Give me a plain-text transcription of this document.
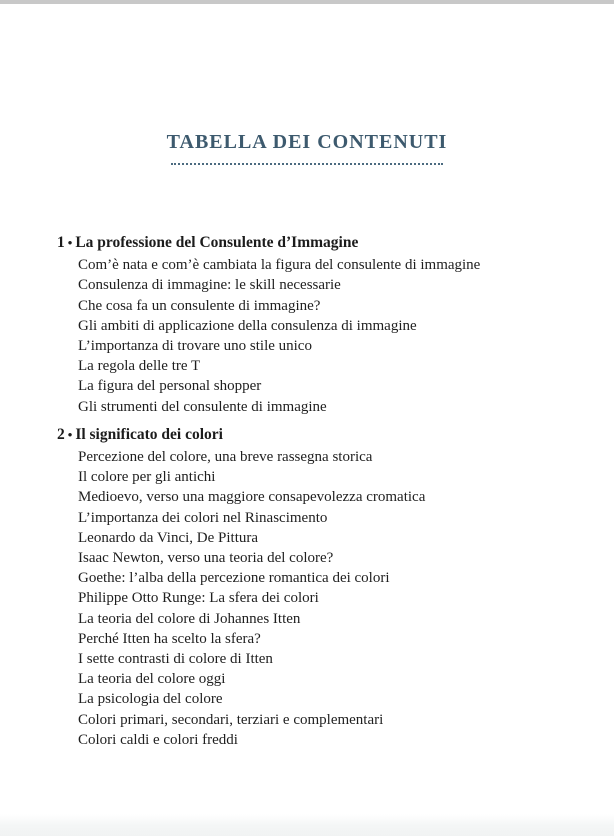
TABELLA DEI CONTENUTI
1 • La professione del Consulente d’Immagine
Com’è nata e com’è cambiata la figura del consulente di immagine
Consulenza di immagine: le skill necessarie
Che cosa fa un consulente di immagine?
Gli ambiti di applicazione della consulenza di immagine
L’importanza di trovare uno stile unico
La regola delle tre T
La figura del personal shopper
Gli strumenti del consulente di immagine
2 • Il significato dei colori
Percezione del colore, una breve rassegna storica
Il colore per gli antichi
Medioevo, verso una maggiore consapevolezza cromatica
L’importanza dei colori nel Rinascimento
Leonardo da Vinci, De Pittura
Isaac Newton, verso una teoria del colore?
Goethe: l’alba della percezione romantica dei colori
Philippe Otto Runge: La sfera dei colori
La teoria del colore di Johannes Itten
Perché Itten ha scelto la sfera?
I sette contrasti di colore di Itten
La teoria del colore oggi
La psicologia del colore
Colori primari, secondari, terziari e complementari
Colori caldi e colori freddi
